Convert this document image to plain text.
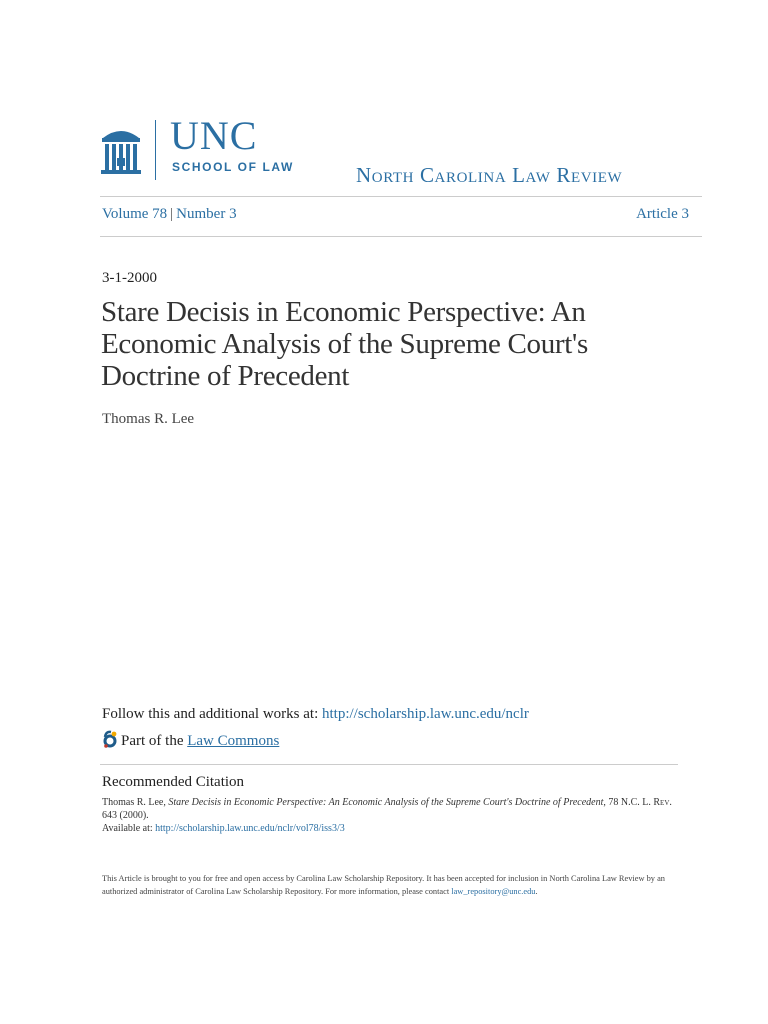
UNC
SCHOOL OF LAW	North Carolina Law Review
Volume 78 | Number 3	Article 3
3-1-2000
Stare Decisis in Economic Perspective: An Economic Analysis of the Supreme Court's Doctrine of Precedent
Thomas R. Lee
Follow this and additional works at: http://scholarship.law.unc.edu/nclr
Part of the Law Commons
Recommended Citation
Thomas R. Lee, Stare Decisis in Economic Perspective: An Economic Analysis of the Supreme Court's Doctrine of Precedent, 78 N.C. L. Rev.
643 (2000).
Available at: http://scholarship.law.unc.edu/nclr/vol78/iss3/3
This Article is brought to you for free and open access by Carolina Law Scholarship Repository. It has been accepted for inclusion in North Carolina Law Review by an authorized administrator of Carolina Law Scholarship Repository. For more information, please contact law_repository@unc.edu.
